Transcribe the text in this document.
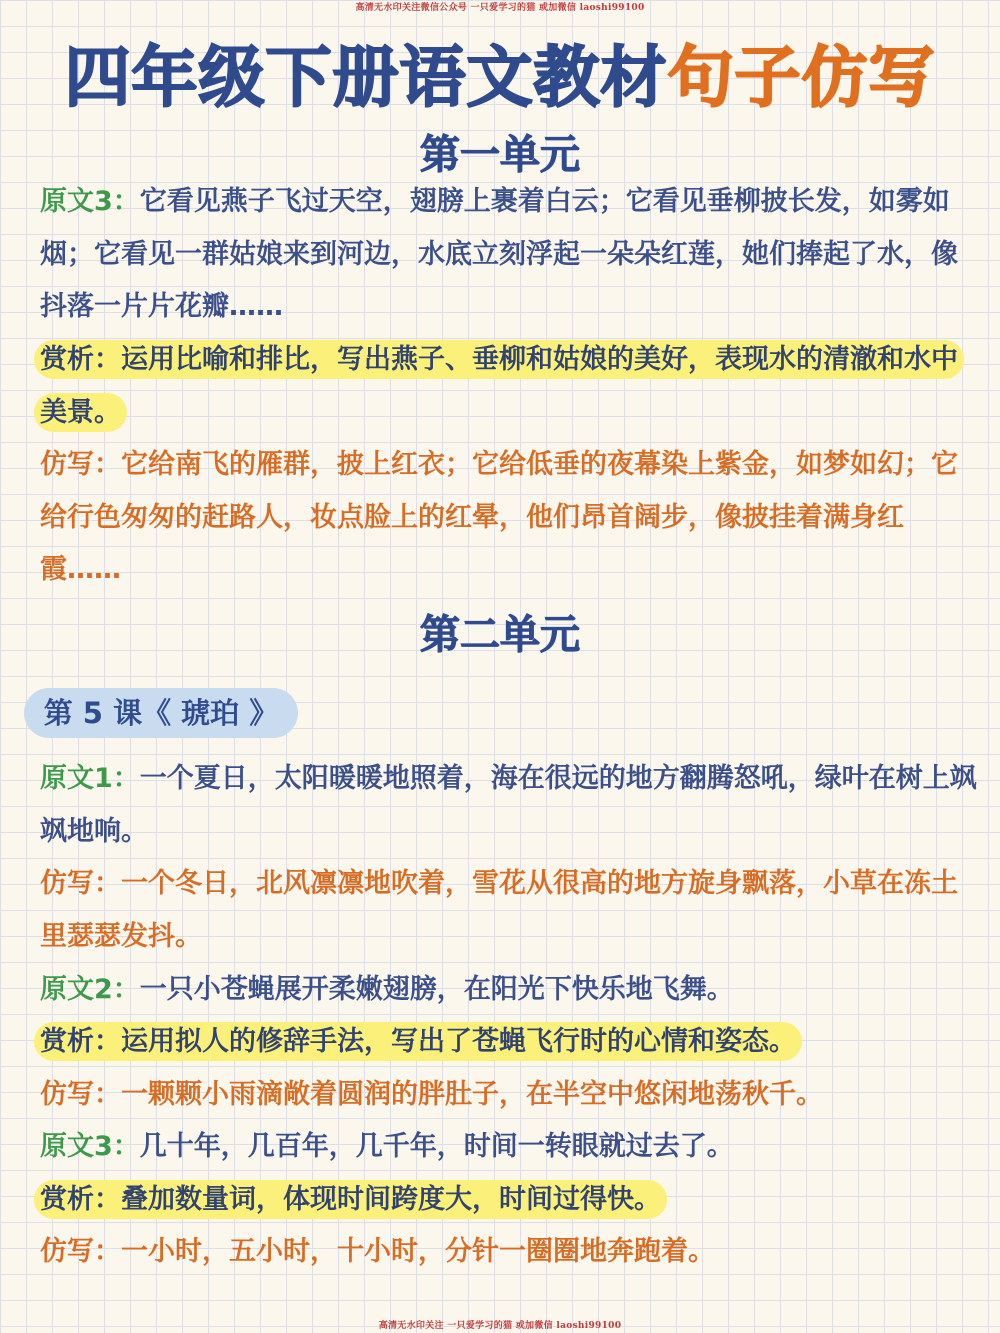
高清无水印关注微信公众号 一只爱学习的猫 或加微信 laoshi99100
四年级下册语文教材句子仿写
第一单元
原文3：它看见燕子飞过天空，翅膀上裹着白云；它看见垂柳披长发，如雾如烟；它看见一群姑娘来到河边，水底立刻浮起一朵朵红莲，她们捧起了水，像抖落一片片花瓣……
赏析：运用比喻和排比，写出燕子、垂柳和姑娘的美好，表现水的清澈和水中美景。
仿写：它给南飞的雁群，披上红衣；它给低垂的夜幕染上紫金，如梦如幻；它给行色匆匆的赶路人，妆点脸上的红晕，他们昂首阔步，像披挂着满身红霞……
第二单元
第 5 课《 琥珀 》
原文1：一个夏日，太阳暖暖地照着，海在很远的地方翻腾怒吼，绿叶在树上飒飒地响。
仿写：一个冬日，北风凛凛地吹着，雪花从很高的地方旋身飘落，小草在冻土里瑟瑟发抖。
原文2：一只小苍蝇展开柔嫩翅膀，在阳光下快乐地飞舞。
赏析：运用拟人的修辞手法，写出了苍蝇飞行时的心情和姿态。
仿写：一颗颗小雨滴敞着圆润的胖肚子，在半空中悠闲地荡秋千。
原文3：几十年，几百年，几千年，时间一转眼就过去了。
赏析：叠加数量词，体现时间跨度大，时间过得快。
仿写：一小时，五小时，十小时，分针一圈圈地奔跑着。
高清无水印关注 一只爱学习的猫 或加微信 laoshi99100
